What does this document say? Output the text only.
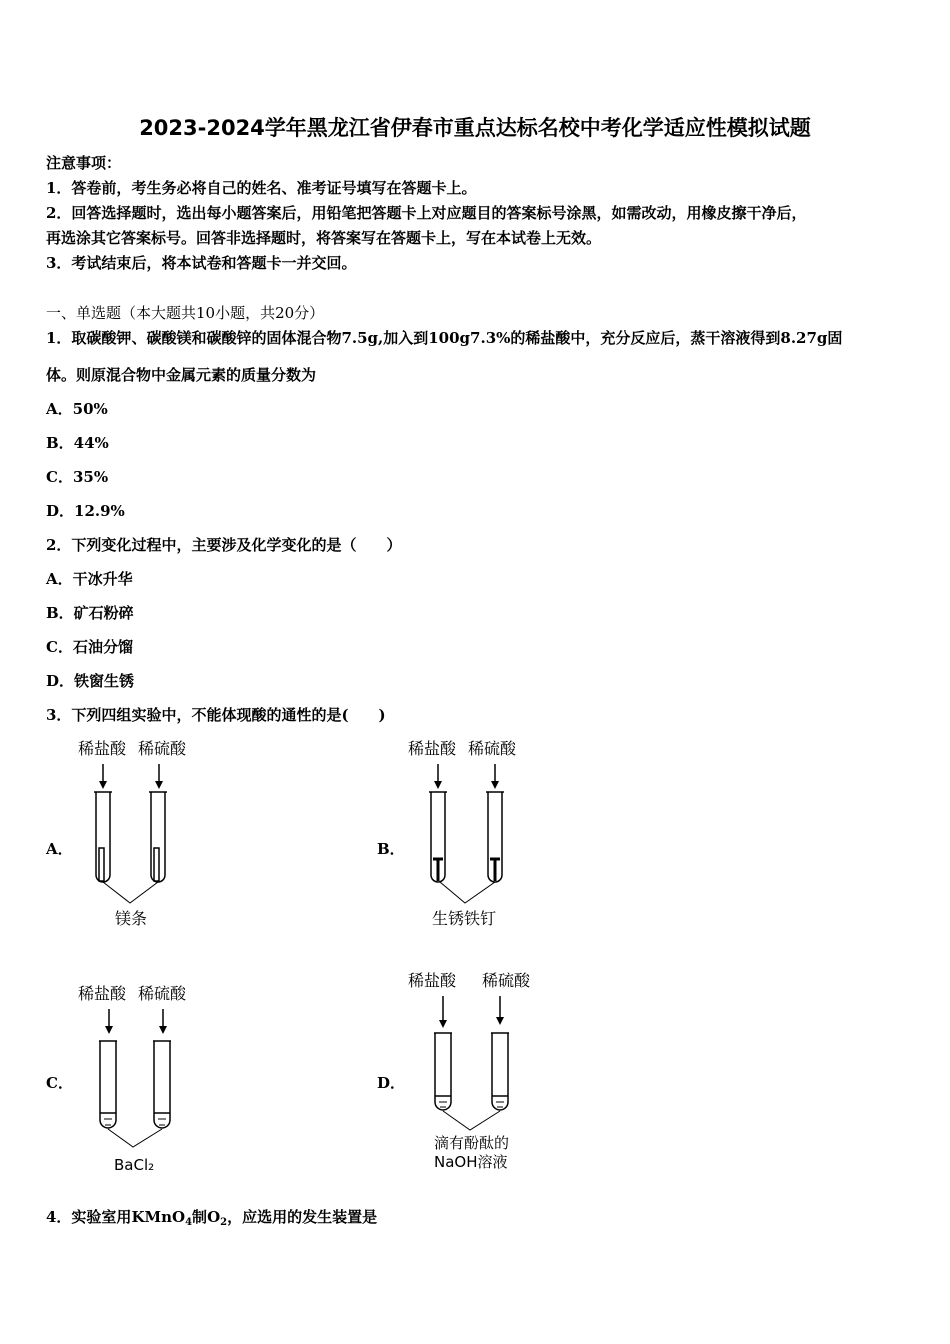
2023-2024学年黑龙江省伊春市重点达标名校中考化学适应性模拟试题
注意事项：
1．答卷前，考生务必将自己的姓名、准考证号填写在答题卡上。
2．回答选择题时，选出每小题答案后，用铅笔把答题卡上对应题目的答案标号涂黑，如需改动，用橡皮擦干净后，
再选涂其它答案标号。回答非选择题时，将答案写在答题卡上，写在本试卷上无效。
3．考试结束后，将本试卷和答题卡一并交回。
一、单选题（本大题共10小题，共20分）
1．取碳酸钾、碳酸镁和碳酸锌的固体混合物7.5g,加入到100g7.3%的稀盐酸中，充分反应后，蒸干溶液得到8.27g固
体。则原混合物中金属元素的质量分数为
A．50%
B．44%
C．35%
D．12.9%
2．下列变化过程中，主要涉及化学变化的是（　　）
A．干冰升华
B．矿石粉碎
C．石油分馏
D．铁窗生锈
3．下列四组实验中，不能体现酸的通性的是(　　)
A．	B．
C．	D．
稀盐酸 稀硫酸
镁条
稀盐酸 稀硫酸
生锈铁钉
稀盐酸 稀硫酸
BaCl₂
稀盐酸 稀硫酸
滴有酚酞的
NaOH溶液
4．实验室用KMnO$_4$制$O_2$，应选用的发生装置是
